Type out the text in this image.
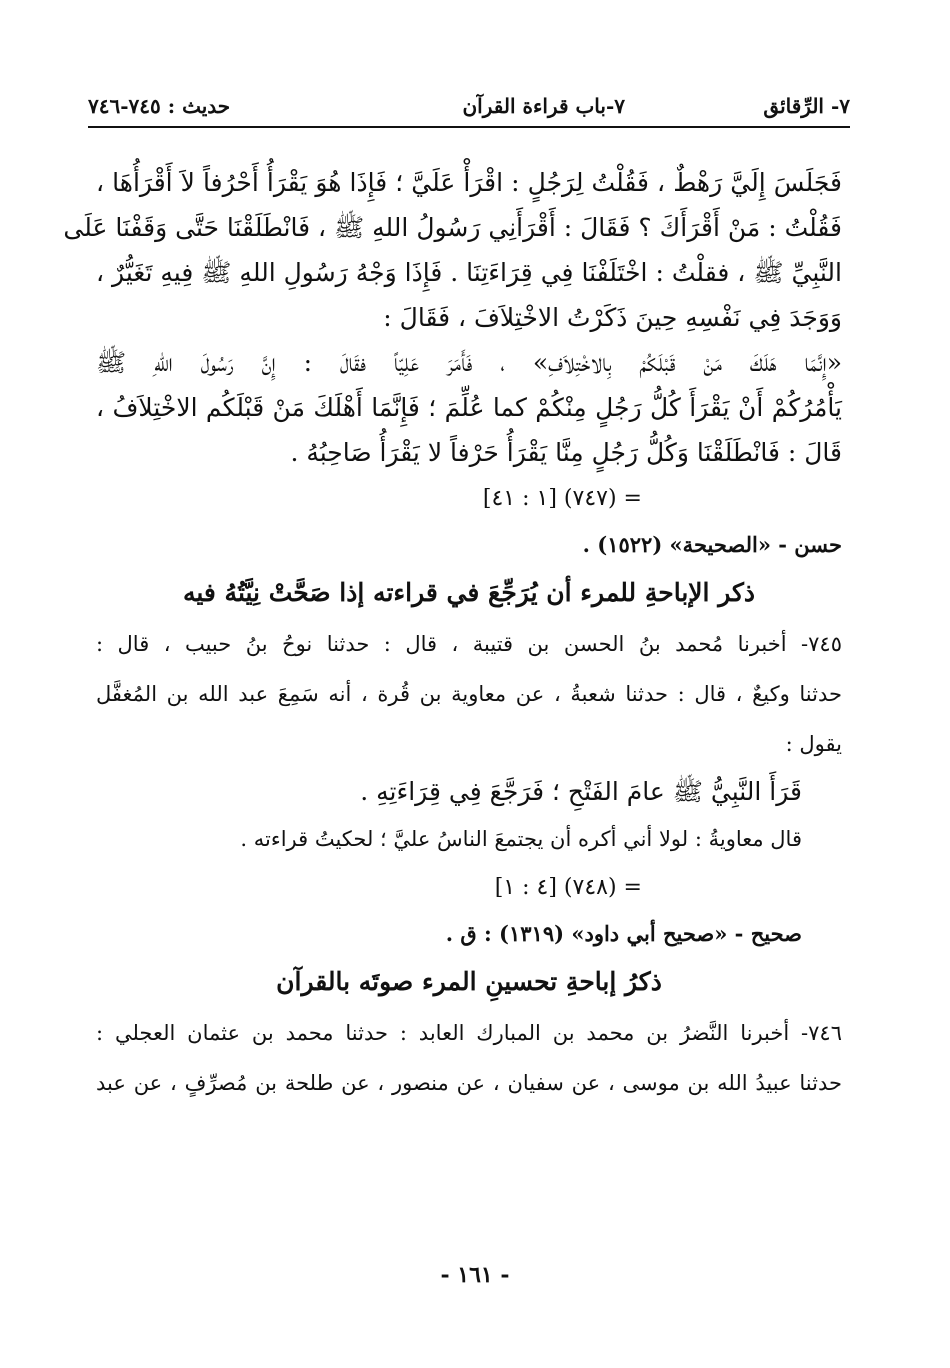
٧- الرِّقائق
٧-باب قراءة القرآن
حديث : ٧٤٥-٧٤٦
فَجَلَسَ إِلَيَّ رَهْطٌ ، فَقُلْتُ لِرَجُلٍ : اقْرَأْ عَلَيَّ ؛ فَإِذَا هُوَ يَقْرَأُ أَحْرُفاً لاَ أَقْرَأُهَا ،
فَقُلْتُ : مَنْ أَقْرَأَكَ ؟ فَقَالَ : أَقْرَأَنِي رَسُولُ اللهِ ﷺ ، فَانْطَلَقْنَا حَتَّى وَقَفْنَا عَلَى
النَّبِيِّ ﷺ ، فقلْتُ : اخْتَلَفْنَا فِي قِرَاءَتِنَا . فَإِذَا وَجْهُ رَسُولِ اللهِ ﷺ فِيهِ تَغَيُّرٌ ،
وَوَجَدَ فِي نَفْسِهِ حِينَ ذَكَرْتُ الاخْتِلاَفَ ، فَقَالَ :
«إِنَّمَا هَلَكَ مَنْ قَبْلَكُمْ بِالاخْتِلاَفِ» ، فَأَمَرَ عَلِيّاً فقَالَ : إِنَّ رَسُولَ اللهِ ﷺ
يَأْمُرُكُمْ أَنْ يَقْرَأَ كُلُّ رَجُلٍ مِنْكُمْ كما عُلِّمَ ؛ فَإِنَّمَا أَهْلَكَ مَنْ قَبْلَكُم الاخْتِلاَفُ ،
قَالَ : فَانْطَلَقْنَا وَكُلُّ رَجُلٍ مِنَّا يَقْرَأُ حَرْفاً لا يَقْرَأُ صَاحِبُهُ .
= (٧٤٧) [١ : ٤١]
حسن - «الصحيحة» (١٥٢٢) .
ذكر الإباحةِ للمرء أن يُرَجِّعَ في قراءته إذا صَحَّتْ نِيَّتُهُ فيه
٧٤٥- أخبرنا مُحمد بنُ الحسن بن قتيبة ، قال : حدثنا نوحُ بنُ حبيب ، قال :
حدثنا وكيعٌ ، قال : حدثنا شعبةُ ، عن معاوية بن قُرة ، أنه سَمِعَ عبد الله بن المُغفَّل
يقول :
قَرَأَ النَّبِيُّ ﷺ عامَ الفَتْحِ ؛ فَرَجَّعَ فِي قِرَاءَتِهِ .
قال معاويةُ : لولا أني أكره أن يجتمعَ الناسُ عليَّ ؛ لحكيتُ قراءته .
= (٧٤٨) [٤ : ١]
صحيح - «صحيح أبي داود» (١٣١٩) : ق .
ذكرُ إباحةِ تحسينِ المرء صوتَه بالقرآن
٧٤٦- أخبرنا النَّضرُ بن محمد بن المبارك العابد : حدثنا محمد بن عثمان العجلي :
حدثنا عبيدُ الله بن موسى ، عن سفيان ، عن منصور ، عن طلحة بن مُصرِّفٍ ، عن عبد
- ١٦١ -
